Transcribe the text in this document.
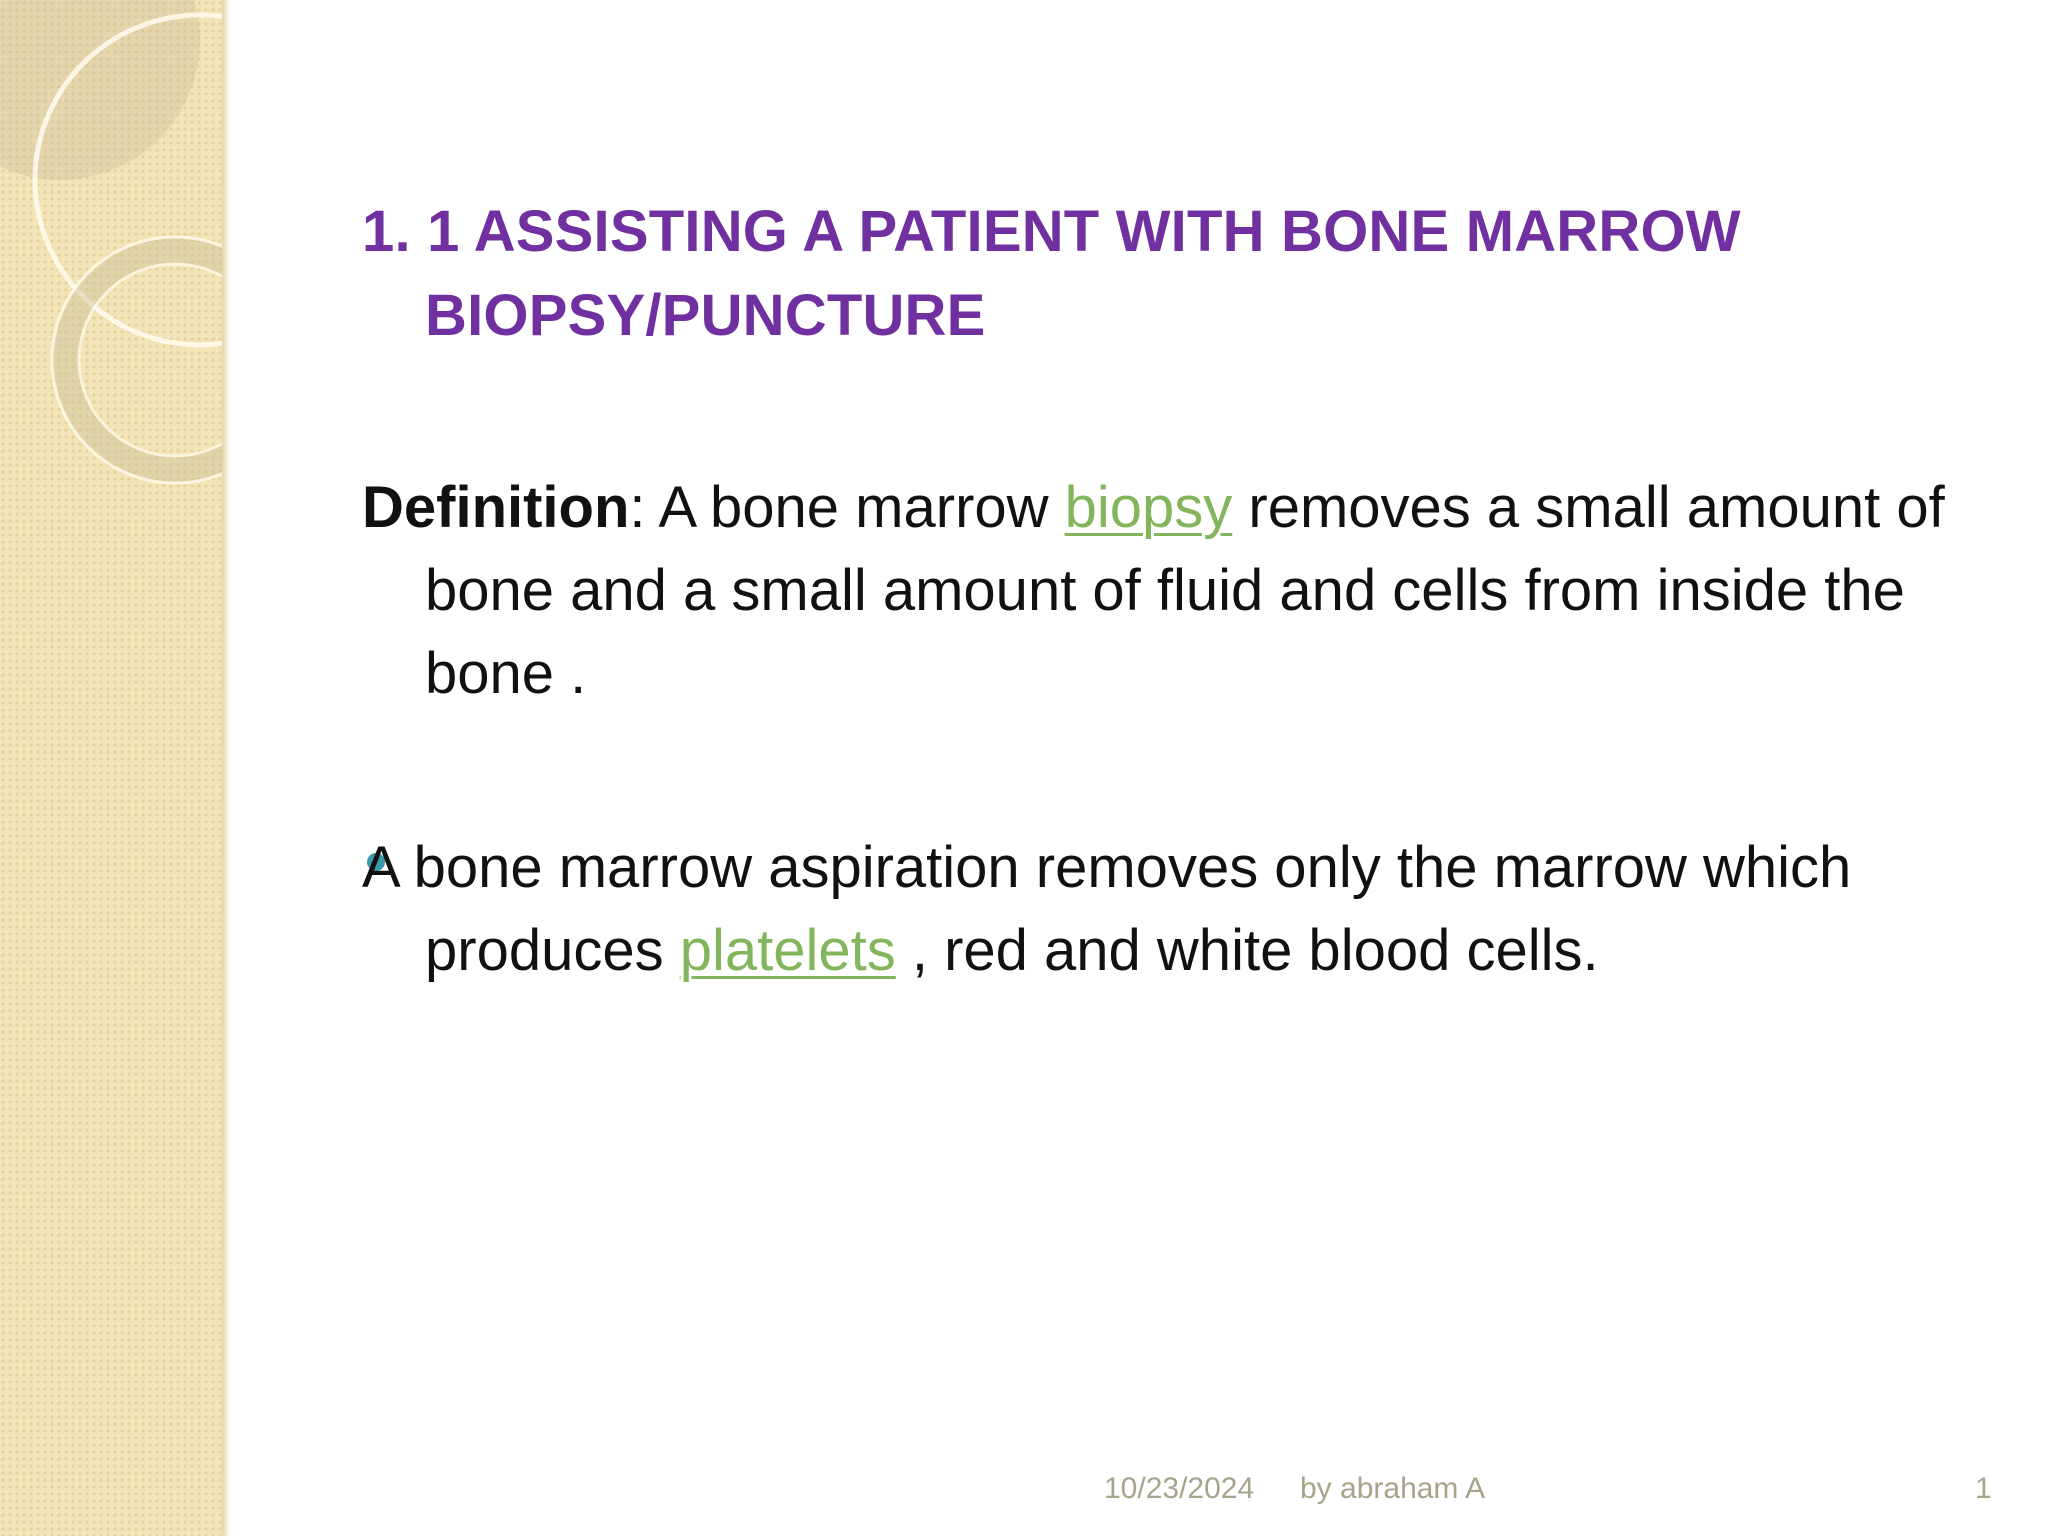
1. 1 ASSISTING A PATIENT WITH BONE MARROW
BIOPSY/PUNCTURE
Definition: A bone marrow biopsy removes a small amount of bone and a small amount of fluid and cells from inside the bone .
A bone marrow aspiration removes only the marrow which produces platelets , red and white blood cells.
10/23/2024 by abraham A	1
